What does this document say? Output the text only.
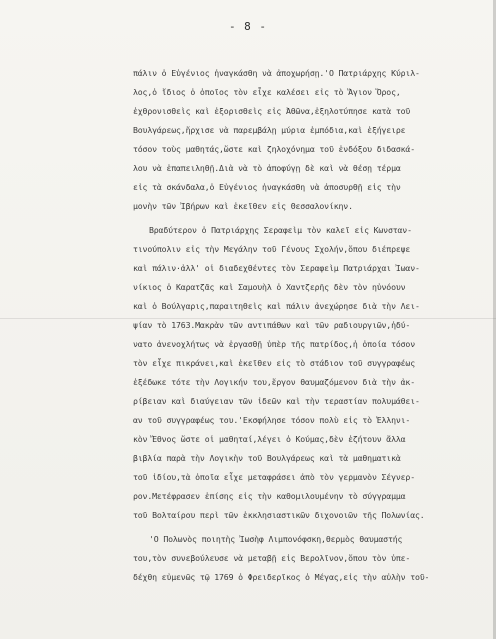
- 8 -
πάλιν ὁ Εὐγένιος ἠναγκάσθη νὰ ἀποχωρήσῃ.'Ο Πατριάρχης Κύριλ-
λος,ὁ ἴδιος ὁ ὁποῖος τὸν εἶχε καλέσει εἰς τὸ Ἅγιον Ὄρος,
ἐχθρονισθεὶς καὶ ἐξορισθεὶς εἰς Ἀθῶνα,ἐξηλοτύπησε κατὰ τοῦ
Βουλγάρεως,ἤρχισε νὰ παρεμβάλῃ μύρια ἐμπόδια,καὶ ἐξήγειρε
τόσον τοὺς μαθητάς,ὥστε καὶ ζηλοχόνημα τοῦ ἐνδόξου διδασκά-
λου νὰ ἐπαπειληθῇ.Διὰ νὰ τὸ ἀποφύγῃ δὲ καὶ νὰ θέσῃ τέρμα
εἰς τὰ σκάνδαλα,ὁ Εὐγένιος ἠναγκάσθη νὰ ἀποσυρθῇ εἰς τὴν
μονὴν τῶν Ἰβήρων καὶ ἐκεῖθεν εἰς Θεσσαλονίκην.
Βραδύτερον ὁ Πατριάρχης Σεραφεὶμ τὸν καλεῖ εἰς Κωνσταν-
τινούπολιν εἰς τὴν Μεγάλην τοῦ Γένους Σχολήν,ὅπου διέπρεψε
καὶ πάλιν·ἀλλ' οἱ διαδεχθέντες τὸν Σεραφεὶμ Πατριάρχαι Ἰωαν-
νίκιος ὁ Καρατζᾶς καὶ Σαμουὴλ ὁ Χαντζερῆς δὲν τὸν ηὐνόουν
καὶ ὁ Βούλγαρις,παραιτηθεὶς καὶ πάλιν ἀνεχώρησε διὰ τὴν Λει-
ψίαν τὸ 1763.Μακρὰν τῶν αντιπάθων καὶ τῶν ραδιουργιῶν,ἠδύ-
νατο ἀνενοχλήτως νὰ ἐργασθῇ ὑπὲρ τῆς πατρίδος,ἡ ὁποία τόσον
τὸν εἶχε πικράνει,καὶ ἐκεῖθεν εἰς τὸ στάδιον τοῦ συγγραφέως
ἐξέδωκε τότε τὴν Λογικήν του,ἔργον θαυμαζόμενον διὰ τὴν ἀκ-
ρίβειαν καὶ διαύγειαν τῶν ἰδεῶν καὶ τὴν τεραστίαν πολυμάθει-
αν τοῦ συγγραφέως του.'Εκσφήλησε τόσον πολὺ εἰς τὸ Ἑλληνι-
κὸν Ἔθνος ὥστε οἱ μαθηταί,λέγει ὁ Κούμας,δὲν ἐζήτουν ἄλλα
βιβλία παρὰ τὴν Λογικὴν τοῦ Βουλγάρεως καὶ τὰ μαθηματικὰ
τοῦ ἰδίου,τὰ ὁποῖα εἶχε μεταφράσει ἀπὸ τὸν γερμανὸν Σέγνερ-
ρον.Μετέφρασεν ἐπίσης εἰς τὴν καθομιλουμένην τὸ σύγγραμμα
τοῦ Βολταίρου περὶ τῶν ἐκκλησιαστικῶν διχονοιῶν τῆς Πολωνίας.
'Ο Πολωνὸς ποιητὴς Ἰωσὴφ Λιμπονόφσκη,θερμὸς θαυμαστής
του,τὸν συνεβούλευσε νὰ μεταβῇ εἰς Βερολῖνον,ὅπου τὸν ὑπε-
δέχθη εὐμενῶς τῷ 1769 ὁ Φρειδερῖκος ὁ Μέγας,εἰς τὴν αὐλὴν τοῦ-
